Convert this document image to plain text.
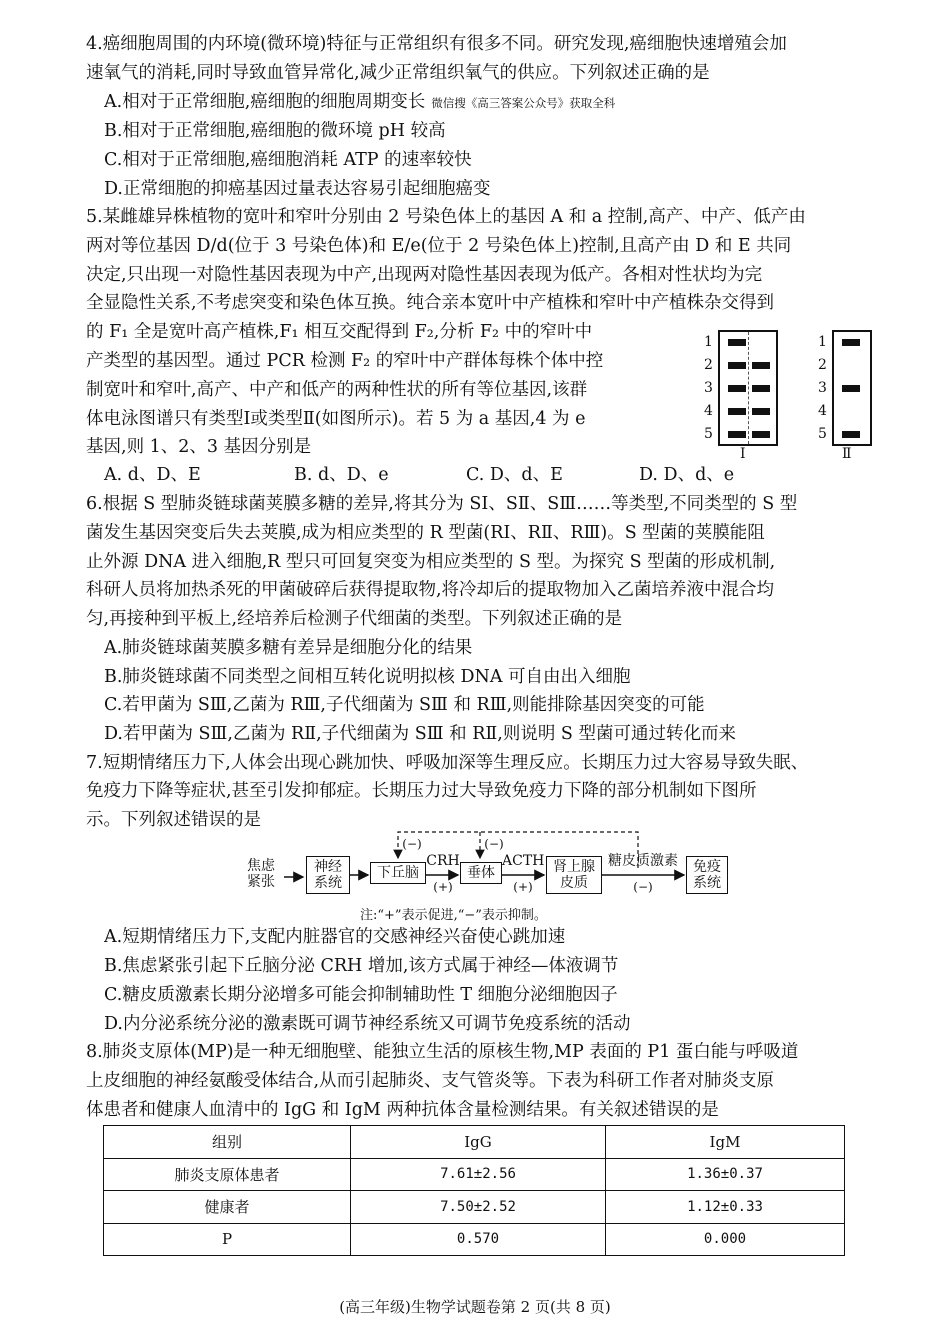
4.癌细胞周围的内环境(微环境)特征与正常组织有很多不同。研究发现,癌细胞快速增殖会加
速氧气的消耗,同时导致血管异常化,减少正常组织氧气的供应。下列叙述正确的是
A.相对于正常细胞,癌细胞的细胞周期变长 微信搜《高三答案公众号》获取全科
B.相对于正常细胞,癌细胞的微环境 pH 较高
C.相对于正常细胞,癌细胞消耗 ATP 的速率较快
D.正常细胞的抑癌基因过量表达容易引起细胞癌变
5.某雌雄异株植物的宽叶和窄叶分别由 2 号染色体上的基因 A 和 a 控制,高产、中产、低产由
两对等位基因 D/d(位于 3 号染色体)和 E/e(位于 2 号染色体上)控制,且高产由 D 和 E 共同
决定,只出现一对隐性基因表现为中产,出现两对隐性基因表现为低产。各相对性状均为完
全显隐性关系,不考虑突变和染色体互换。纯合亲本宽叶中产植株和窄叶中产植株杂交得到
的 F₁ 全是宽叶高产植株,F₁ 相互交配得到 F₂,分析 F₂ 中的窄叶中
产类型的基因型。通过 PCR 检测 F₂ 的窄叶中产群体每株个体中控
制宽叶和窄叶,高产、中产和低产的两种性状的所有等位基因,该群
体电泳图谱只有类型Ⅰ或类型Ⅱ(如图所示)。若 5 为 a 基因,4 为 e
基因,则 1、2、3 基因分别是
1
2
3
4
5
Ⅰ
1
2
3
4
5
Ⅱ
A. d、D、E	B. d、D、e	C. D、d、E	D. D、d、e
6.根据 S 型肺炎链球菌荚膜多糖的差异,将其分为 SⅠ、SⅡ、SⅢ……等类型,不同类型的 S 型
菌发生基因突变后失去荚膜,成为相应类型的 R 型菌(RⅠ、RⅡ、RⅢ)。S 型菌的荚膜能阻
止外源 DNA 进入细胞,R 型只可回复突变为相应类型的 S 型。为探究 S 型菌的形成机制,
科研人员将加热杀死的甲菌破碎后获得提取物,将冷却后的提取物加入乙菌培养液中混合均
匀,再接种到平板上,经培养后检测子代细菌的类型。下列叙述正确的是
A.肺炎链球菌荚膜多糖有差异是细胞分化的结果
B.肺炎链球菌不同类型之间相互转化说明拟核 DNA 可自由出入细胞
C.若甲菌为 SⅢ,乙菌为 RⅢ,子代细菌为 SⅢ 和 RⅢ,则能排除基因突变的可能
D.若甲菌为 SⅢ,乙菌为 RⅡ,子代细菌为 SⅢ 和 RⅡ,则说明 S 型菌可通过转化而来
7.短期情绪压力下,人体会出现心跳加快、呼吸加深等生理反应。长期压力过大容易导致失眠、
免疫力下降等症状,甚至引发抑郁症。长期压力过大导致免疫力下降的部分机制如下图所
示。下列叙述错误的是
焦虑
紧张
神经
系统
下丘脑
CRH
(+)
垂体
ACTH
(+)
肾上腺
皮质
糖皮质激素
(−)
免疫
系统
(−)	(−)
注:“+”表示促进,“−”表示抑制。
A.短期情绪压力下,支配内脏器官的交感神经兴奋使心跳加速
B.焦虑紧张引起下丘脑分泌 CRH 增加,该方式属于神经—体液调节
C.糖皮质激素长期分泌增多可能会抑制辅助性 T 细胞分泌细胞因子
D.内分泌系统分泌的激素既可调节神经系统又可调节免疫系统的活动
8.肺炎支原体(MP)是一种无细胞壁、能独立生活的原核生物,MP 表面的 P1 蛋白能与呼吸道
上皮细胞的神经氨酸受体结合,从而引起肺炎、支气管炎等。下表为科研工作者对肺炎支原
体患者和健康人血清中的 IgG 和 IgM 两种抗体含量检测结果。有关叙述错误的是
组别	IgG	IgM
肺炎支原体患者	7.61±2.56	1.36±0.37
健康者	7.50±2.52	1.12±0.33
P	0.570	0.000
(高三年级)生物学试题卷第 2 页(共 8 页)
